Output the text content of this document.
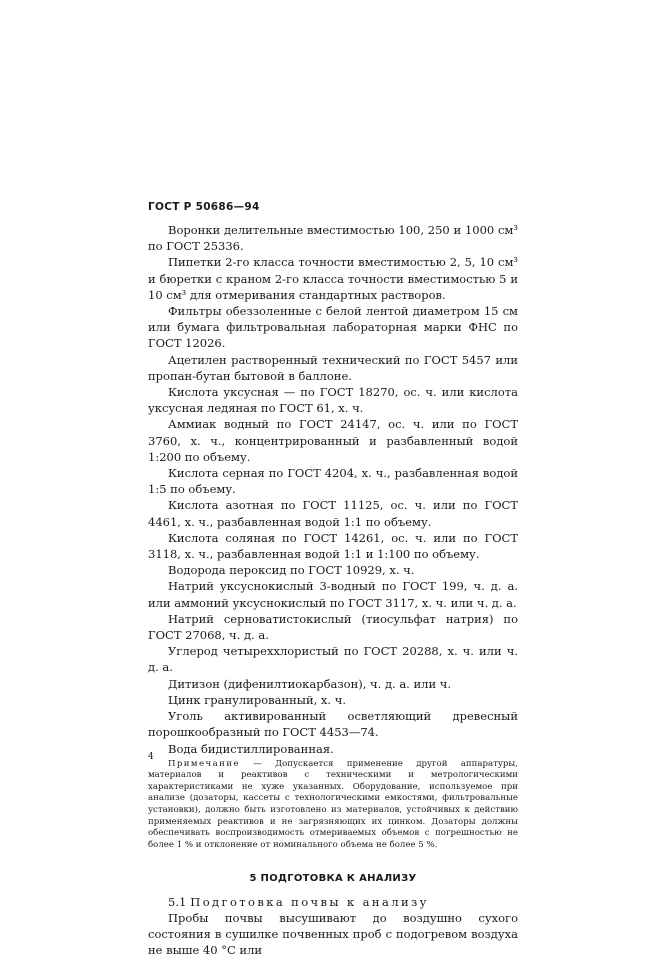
ГОСТ Р 50686—94

Воронки делительные вместимостью 100, 250 и 1000 см³ по ГОСТ 25336.

Пипетки 2-го класса точности вместимостью 2, 5, 10 см³ и бюретки с краном 2-го класса точности вместимостью 5 и 10 см³ для отмеривания стандартных растворов.

Фильтры обеззоленные с белой лентой диаметром 15 см или бумага фильтровальная лабораторная марки ФНС по ГОСТ 12026.

Ацетилен растворенный технический по ГОСТ 5457 или пропан-бутан бытовой в баллоне.

Кислота уксусная — по ГОСТ 18270, ос. ч. или кислота уксусная ледяная по ГОСТ 61, х. ч.

Аммиак водный по ГОСТ 24147, ос. ч. или по ГОСТ 3760, х. ч., концентрированный и разбавленный водой 1:200 по объему.

Кислота серная по ГОСТ 4204, х. ч., разбавленная водой 1:5 по объему.

Кислота азотная по ГОСТ 11125, ос. ч. или по ГОСТ 4461, х. ч., разбавленная водой 1:1 по объему.

Кислота соляная по ГОСТ 14261, ос. ч. или по ГОСТ 3118, х. ч., разбавленная водой 1:1 и 1:100 по объему.

Водорода пероксид по ГОСТ 10929, х. ч.

Натрий уксуснокислый 3-водный по ГОСТ 199, ч. д. а. или аммоний уксуснокислый по ГОСТ 3117, х. ч. или ч. д. а.

Натрий серноватистокислый (тиосульфат натрия) по ГОСТ 27068, ч. д. а.

Углерод четыреххлористый по ГОСТ 20288, х. ч. или ч. д. а.

Дитизон (дифенилтиокарбазон), ч. д. а. или ч.

Цинк гранулированный, х. ч.

Уголь активированный осветляющий древесный порошкообразный по ГОСТ 4453—74.

Вода бидистиллированная.

Примечание — Допускается применение другой аппаратуры, материалов и реактивов с техническими и метрологическими характеристиками не хуже указанных. Оборудование, используемое при анализе (дозаторы, кассеты с технологическими емкостями, фильтровальные установки), должно быть изготовлено из материалов, устойчивых к действию применяемых реактивов и не загрязняющих их цинком. Дозаторы должны обеспечивать воспроизводимость отмериваемых объемов с погрешностью не более 1 % и отклонение от номинального объема не более 5 %.

5 ПОДГОТОВКА К АНАЛИЗУ

5.1 Подготовка почвы к анализу

Пробы почвы высушивают до воздушно сухого состояния в сушилке почвенных проб с подогревом воздуха не выше 40 °С или

4
